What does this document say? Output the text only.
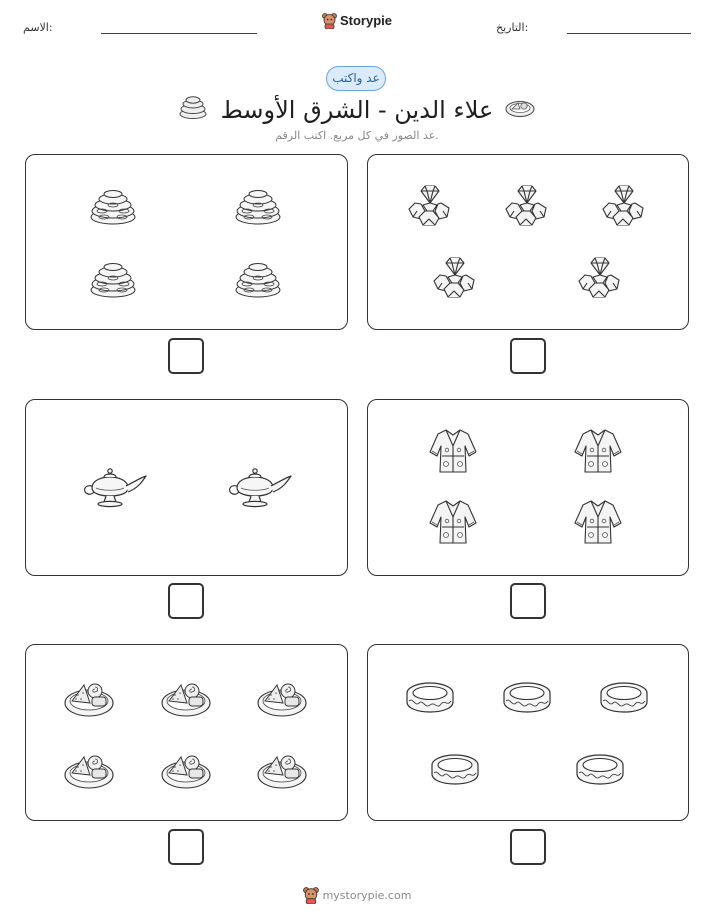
الاسم:	التاريخ:
Storypie
عد واكتب
علاء الدين - الشرق الأوسط
عد الصور في كل مربع. اكتب الرقم.
mystorypie.com
